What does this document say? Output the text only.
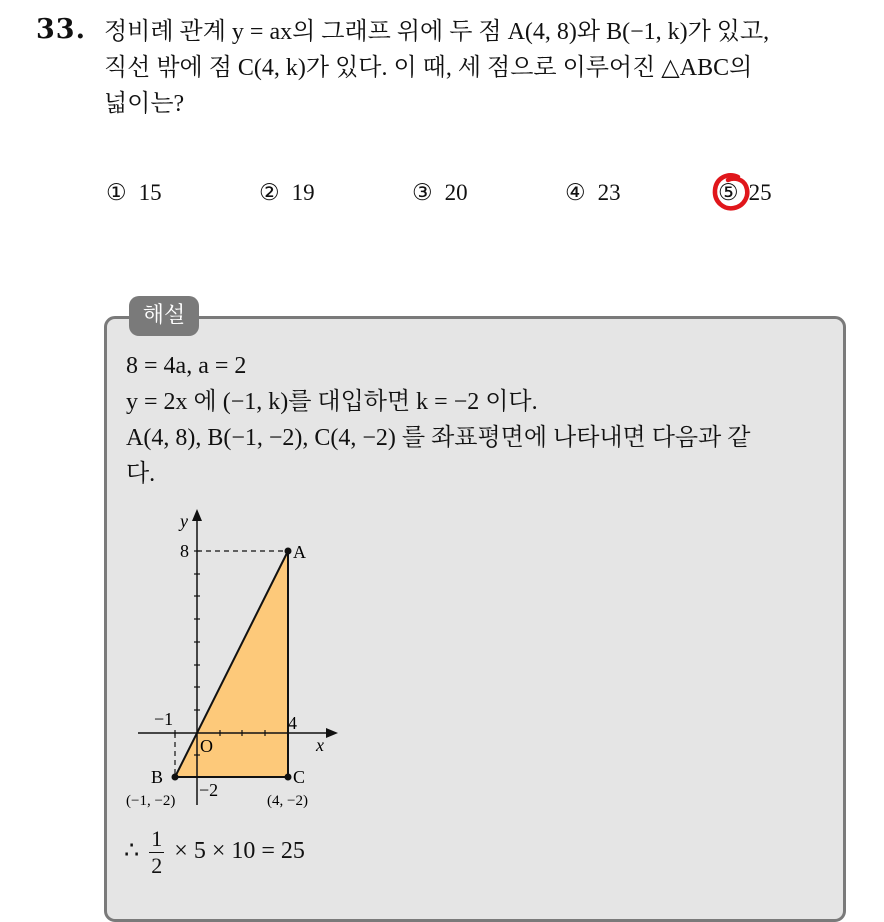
33. 정비례 관계 y = ax의 그래프 위에 두 점 A(4, 8)와 B(−1, k)가 있고,
직선 밖에 점 C(4, k)가 있다. 이 때, 세 점으로 이루어진 △ABC의
넓이는?
① 15	② 19	③ 20	④ 23	⑤ 25
해설
8 = 4a, a = 2
y = 2x 에 (−1, k)를 대입하면 k = −2 이다.
A(4, 8), B(−1, −2), C(4, −2) 를 좌표평면에 나타내면 다음과 같
다.
y
x
O
8
−1	4
−2
A
B	C
(−1, −2)	(4, −2)
∴ $\frac{1}{2} \times 5 \times 10 = 25$
